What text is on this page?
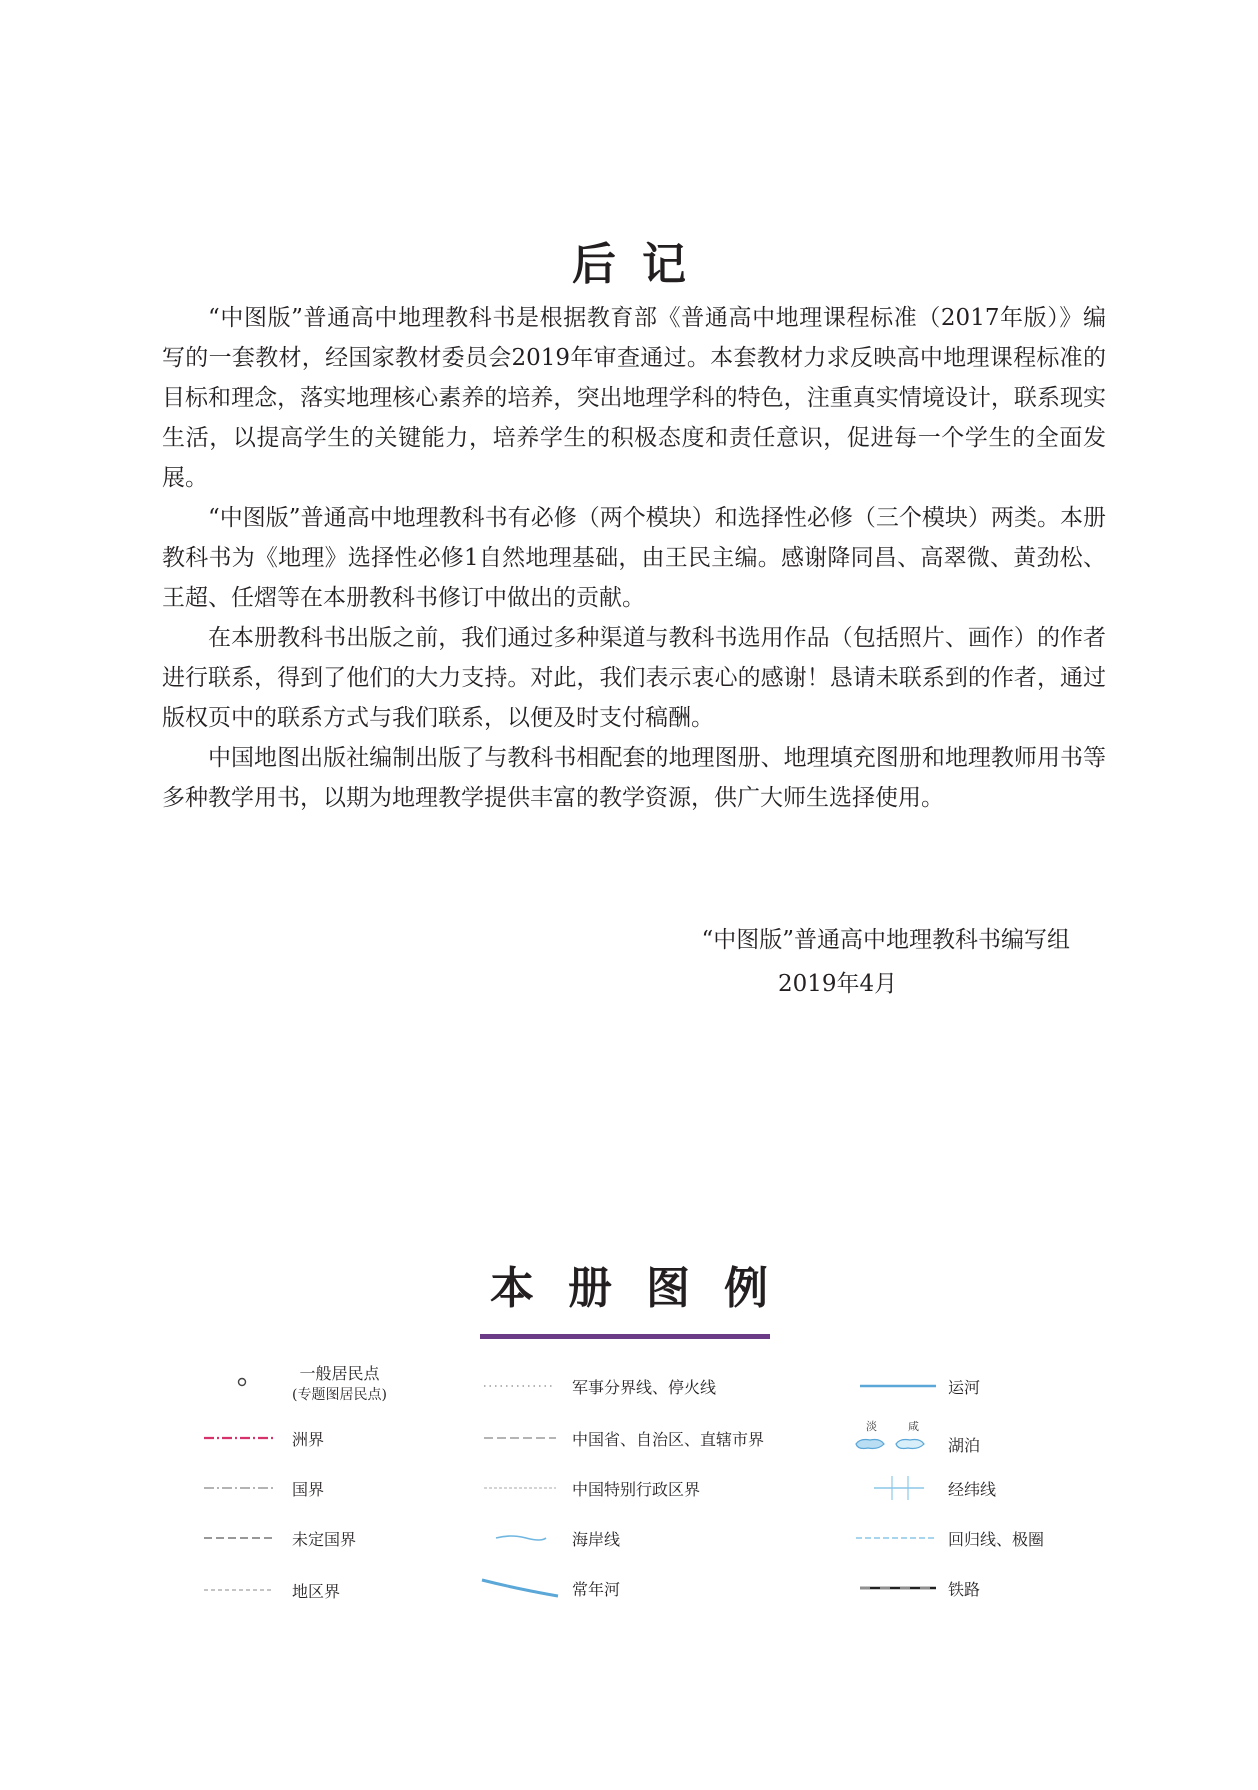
后记

“中图版”普通高中地理教科书是根据教育部《普通高中地理课程标准（2017年版）》编写的一套教材，经国家教材委员会2019年审查通过。本套教材力求反映高中地理课程标准的目标和理念，落实地理核心素养的培养，突出地理学科的特色，注重真实情境设计，联系现实生活，以提高学生的关键能力，培养学生的积极态度和责任意识，促进每一个学生的全面发展。

“中图版”普通高中地理教科书有必修（两个模块）和选择性必修（三个模块）两类。本册教科书为《地理》选择性必修1自然地理基础，由王民主编。感谢降同昌、高翠微、黄劲松、王超、任熠等在本册教科书修订中做出的贡献。

在本册教科书出版之前，我们通过多种渠道与教科书选用作品（包括照片、画作）的作者进行联系，得到了他们的大力支持。对此，我们表示衷心的感谢！恳请未联系到的作者，通过版权页中的联系方式与我们联系，以便及时支付稿酬。

中国地图出版社编制出版了与教科书相配套的地理图册、地理填充图册和地理教师用书等多种教学用书，以期为地理教学提供丰富的教学资源，供广大师生选择使用。

“中图版”普通高中地理教科书编写组
2019年4月
本册图例
一般居民点
(专题图居民点)
洲界
国界
未定国界
地区界
军事分界线、停火线
中国省、自治区、直辖市界
中国特别行政区界
海岸线
常年河
运河
淡	咸
湖泊
经纬线
回归线、极圈
铁路
